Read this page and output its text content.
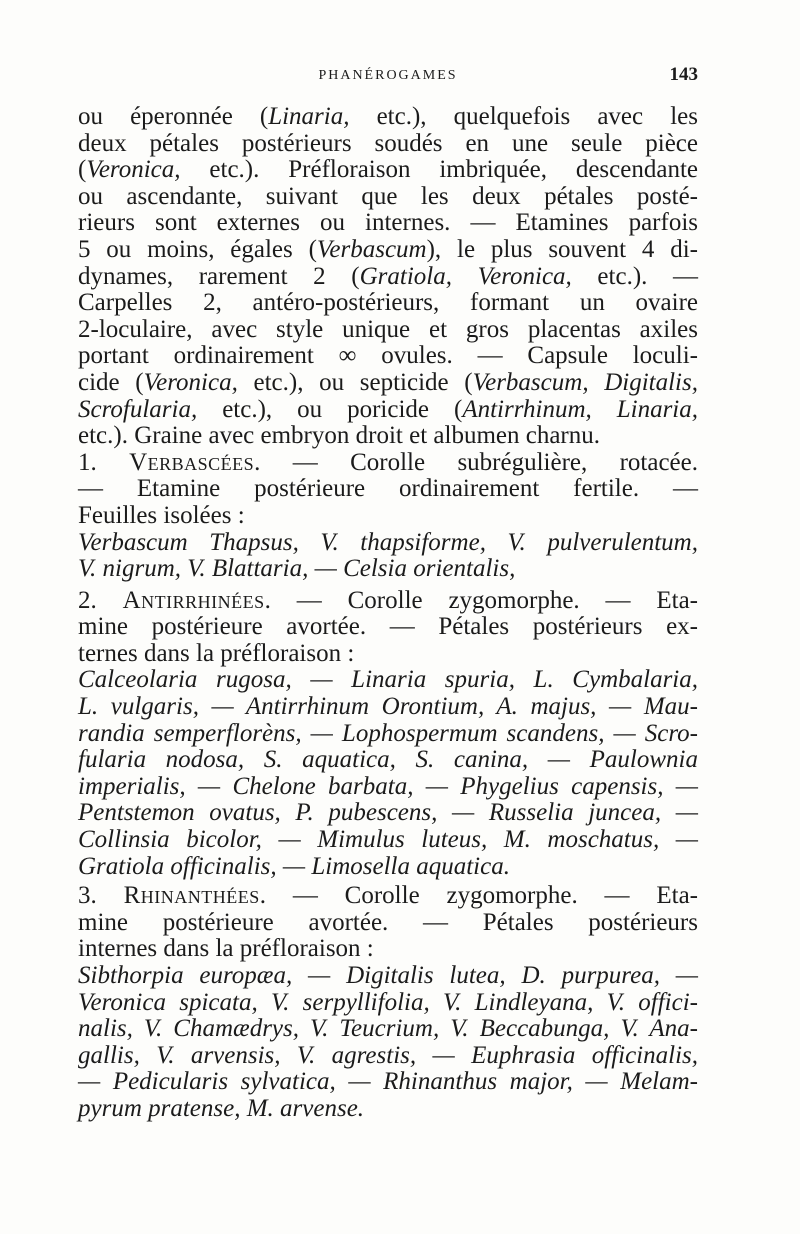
PHANÉROGAMES	143
ou éperonnée (Linaria, etc.), quelquefois avec les
deux pétales postérieurs soudés en une seule pièce
(Veronica, etc.). Préfloraison imbriquée, descendante
ou ascendante, suivant que les deux pétales posté-
rieurs sont externes ou internes. — Etamines parfois
5 ou moins, égales (Verbascum), le plus souvent 4 di-
dynames, rarement 2 (Gratiola, Veronica, etc.). —
Carpelles 2, antéro-postérieurs, formant un ovaire
2-loculaire, avec style unique et gros placentas axiles
portant ordinairement ∞ ovules. — Capsule loculi-
cide (Veronica, etc.), ou septicide (Verbascum, Digitalis,
Scrofularia, etc.), ou poricide (Antirrhinum, Linaria,
etc.). Graine avec embryon droit et albumen charnu.
1. Verbascées. — Corolle subrégulière, rotacée.
— Etamine postérieure ordinairement fertile. —
Feuilles isolées :
Verbascum Thapsus, V. thapsiforme, V. pulverulentum,
V. nigrum, V. Blattaria, — Celsia orientalis,
2. Antirrhinées. — Corolle zygomorphe. — Eta-
mine postérieure avortée. — Pétales postérieurs ex-
ternes dans la préfloraison :
Calceolaria rugosa, — Linaria spuria, L. Cymbalaria,
L. vulgaris, — Antirrhinum Orontium, A. majus, — Mau-
randia semperflorèns, — Lophospermum scandens, — Scro-
fularia nodosa, S. aquatica, S. canina, — Paulownia
imperialis, — Chelone barbata, — Phygelius capensis, —
Pentstemon ovatus, P. pubescens, — Russelia juncea, —
Collinsia bicolor, — Mimulus luteus, M. moschatus, —
Gratiola officinalis, — Limosella aquatica.
3. Rhinanthées. — Corolle zygomorphe. — Eta-
mine postérieure avortée. — Pétales postérieurs
internes dans la préfloraison :
Sibthorpia europæa, — Digitalis lutea, D. purpurea, —
Veronica spicata, V. serpyllifolia, V. Lindleyana, V. offici-
nalis, V. Chamædrys, V. Teucrium, V. Beccabunga, V. Ana-
gallis, V. arvensis, V. agrestis, — Euphrasia officinalis,
— Pedicularis sylvatica, — Rhinanthus major, — Melam-
pyrum pratense, M. arvense.
